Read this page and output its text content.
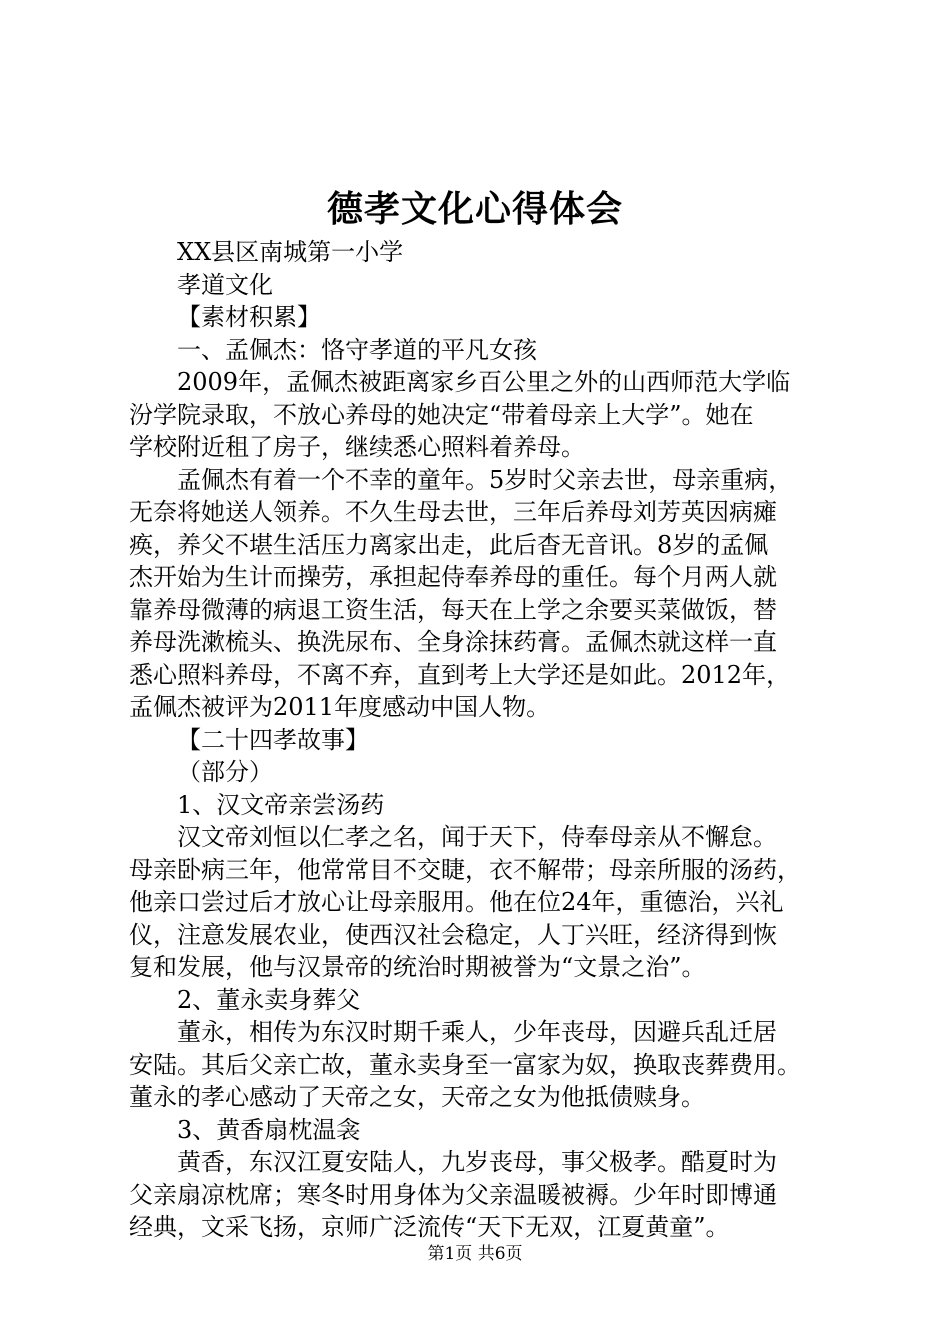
德孝文化心得体会
XX县区南城第一小学
孝道文化
【素材积累】
一、孟佩杰：恪守孝道的平凡女孩
2009年，孟佩杰被距离家乡百公里之外的山西师范大学临
汾学院录取，不放心养母的她决定“带着母亲上大学”。她在
学校附近租了房子，继续悉心照料着养母。
孟佩杰有着一个不幸的童年。5岁时父亲去世，母亲重病，
无奈将她送人领养。不久生母去世，三年后养母刘芳英因病瘫
痪，养父不堪生活压力离家出走，此后杳无音讯。8岁的孟佩
杰开始为生计而操劳，承担起侍奉养母的重任。每个月两人就
靠养母微薄的病退工资生活，每天在上学之余要买菜做饭，替
养母洗漱梳头、换洗尿布、全身涂抹药膏。孟佩杰就这样一直
悉心照料养母，不离不弃，直到考上大学还是如此。2012年，
孟佩杰被评为2011年度感动中国人物。
【二十四孝故事】
（部分）
1、汉文帝亲尝汤药
汉文帝刘恒以仁孝之名，闻于天下，侍奉母亲从不懈怠。
母亲卧病三年，他常常目不交睫，衣不解带；母亲所服的汤药，
他亲口尝过后才放心让母亲服用。他在位24年，重德治，兴礼
仪，注意发展农业，使西汉社会稳定，人丁兴旺，经济得到恢
复和发展，他与汉景帝的统治时期被誉为“文景之治”。
2、董永卖身葬父
董永，相传为东汉时期千乘人，少年丧母，因避兵乱迁居
安陆。其后父亲亡故，董永卖身至一富家为奴，换取丧葬费用。
董永的孝心感动了天帝之女，天帝之女为他抵债赎身。
3、黄香扇枕温衾
黄香，东汉江夏安陆人，九岁丧母，事父极孝。酷夏时为
父亲扇凉枕席；寒冬时用身体为父亲温暖被褥。少年时即博通
经典，文采飞扬，京师广泛流传“天下无双，江夏黄童”。
第1页 共6页
